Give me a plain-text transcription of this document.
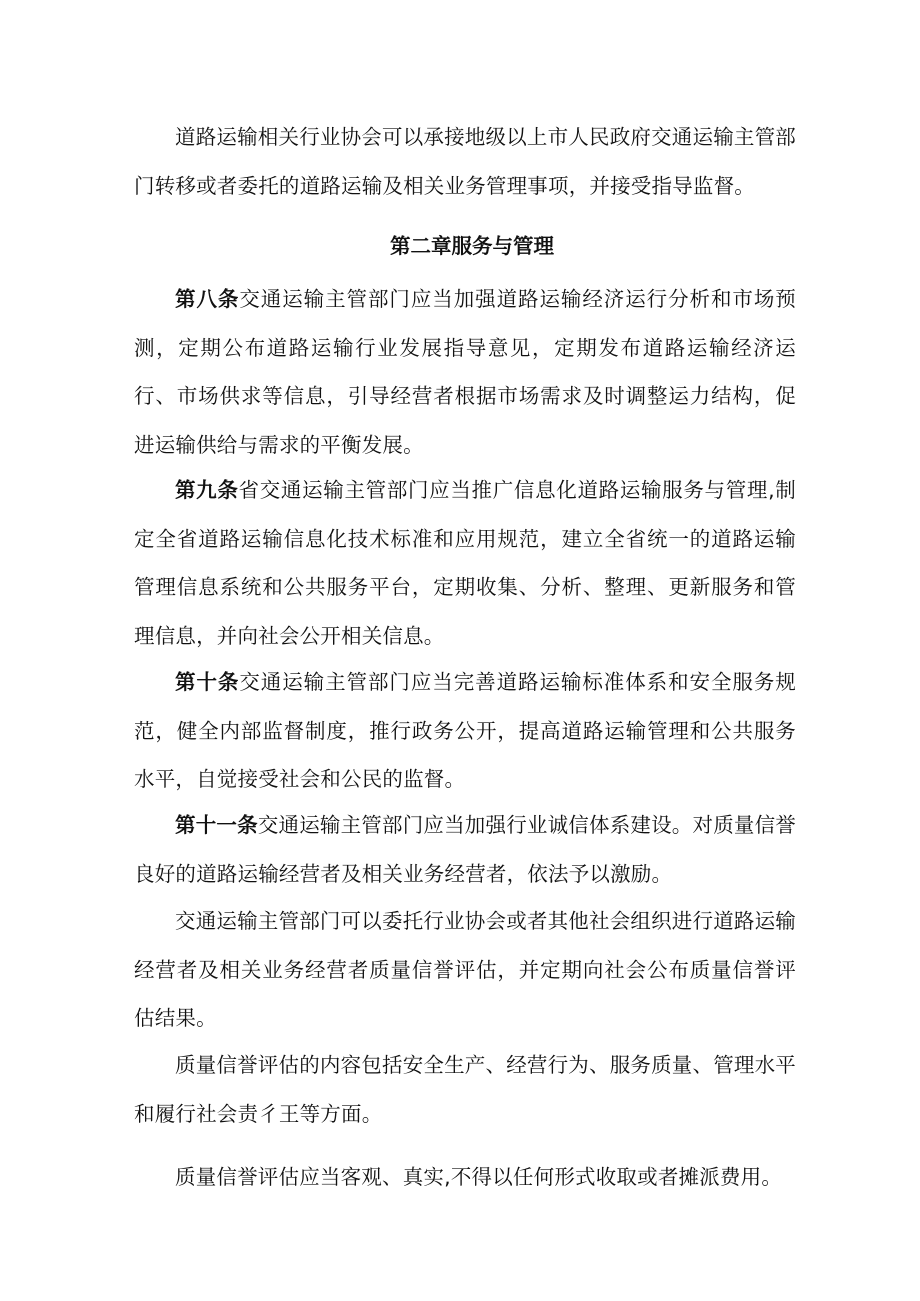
道路运输相关行业协会可以承接地级以上市人民政府交通运输主管部门转移或者委托的道路运输及相关业务管理事项，并接受指导监督。

第二章服务与管理

第八条交通运输主管部门应当加强道路运输经济运行分析和市场预测，定期公布道路运输行业发展指导意见，定期发布道路运输经济运行、市场供求等信息，引导经营者根据市场需求及时调整运力结构，促进运输供给与需求的平衡发展。

第九条省交通运输主管部门应当推广信息化道路运输服务与管理,制定全省道路运输信息化技术标准和应用规范，建立全省统一的道路运输管理信息系统和公共服务平台，定期收集、分析、整理、更新服务和管理信息，并向社会公开相关信息。

第十条交通运输主管部门应当完善道路运输标准体系和安全服务规范，健全内部监督制度，推行政务公开，提高道路运输管理和公共服务水平，自觉接受社会和公民的监督。

第十一条交通运输主管部门应当加强行业诚信体系建设。对质量信誉良好的道路运输经营者及相关业务经营者，依法予以激励。

交通运输主管部门可以委托行业协会或者其他社会组织进行道路运输经营者及相关业务经营者质量信誉评估，并定期向社会公布质量信誉评估结果。

质量信誉评估的内容包括安全生产、经营行为、服务质量、管理水平和履行社会责彳王等方面。

质量信誉评估应当客观、真实,不得以任何形式收取或者摊派费用。
